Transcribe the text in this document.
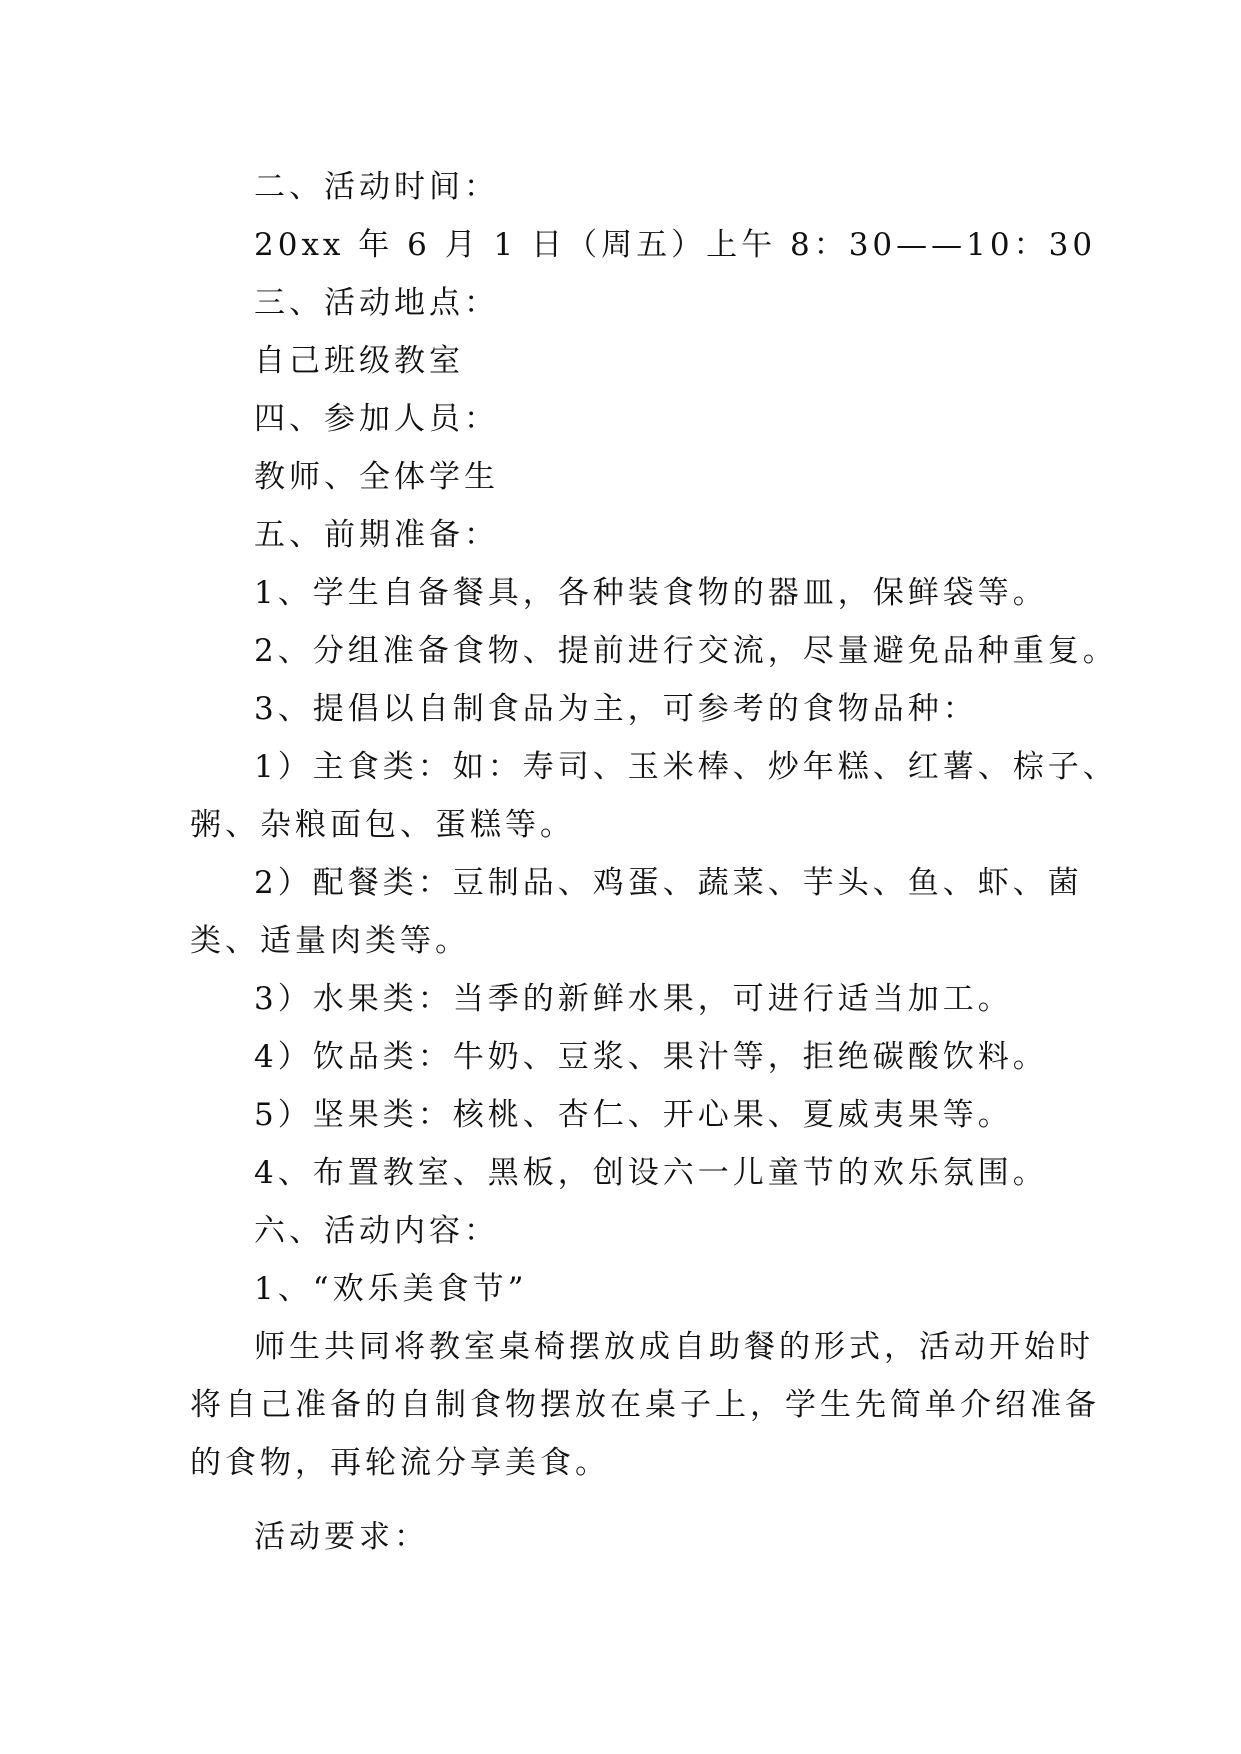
二、活动时间：
20xx 年 6 月 1 日（周五）上午 8：30——10：30
三、活动地点：
自己班级教室
四、参加人员：
教师、全体学生
五、前期准备：
1、学生自备餐具，各种装食物的器皿，保鲜袋等。
2、分组准备食物、提前进行交流，尽量避免品种重复。
3、提倡以自制食品为主，可参考的食物品种：
1）主食类：如：寿司、玉米棒、炒年糕、红薯、棕子、
粥、杂粮面包、蛋糕等。
2）配餐类：豆制品、鸡蛋、蔬菜、芋头、鱼、虾、菌
类、适量肉类等。
3）水果类：当季的新鲜水果，可进行适当加工。
4）饮品类：牛奶、豆浆、果汁等，拒绝碳酸饮料。
5）坚果类：核桃、杏仁、开心果、夏威夷果等。
4、布置教室、黑板，创设六一儿童节的欢乐氛围。
六、活动内容：
1、“欢乐美食节”
师生共同将教室桌椅摆放成自助餐的形式，活动开始时
将自己准备的自制食物摆放在桌子上，学生先简单介绍准备
的食物，再轮流分享美食。
活动要求：
